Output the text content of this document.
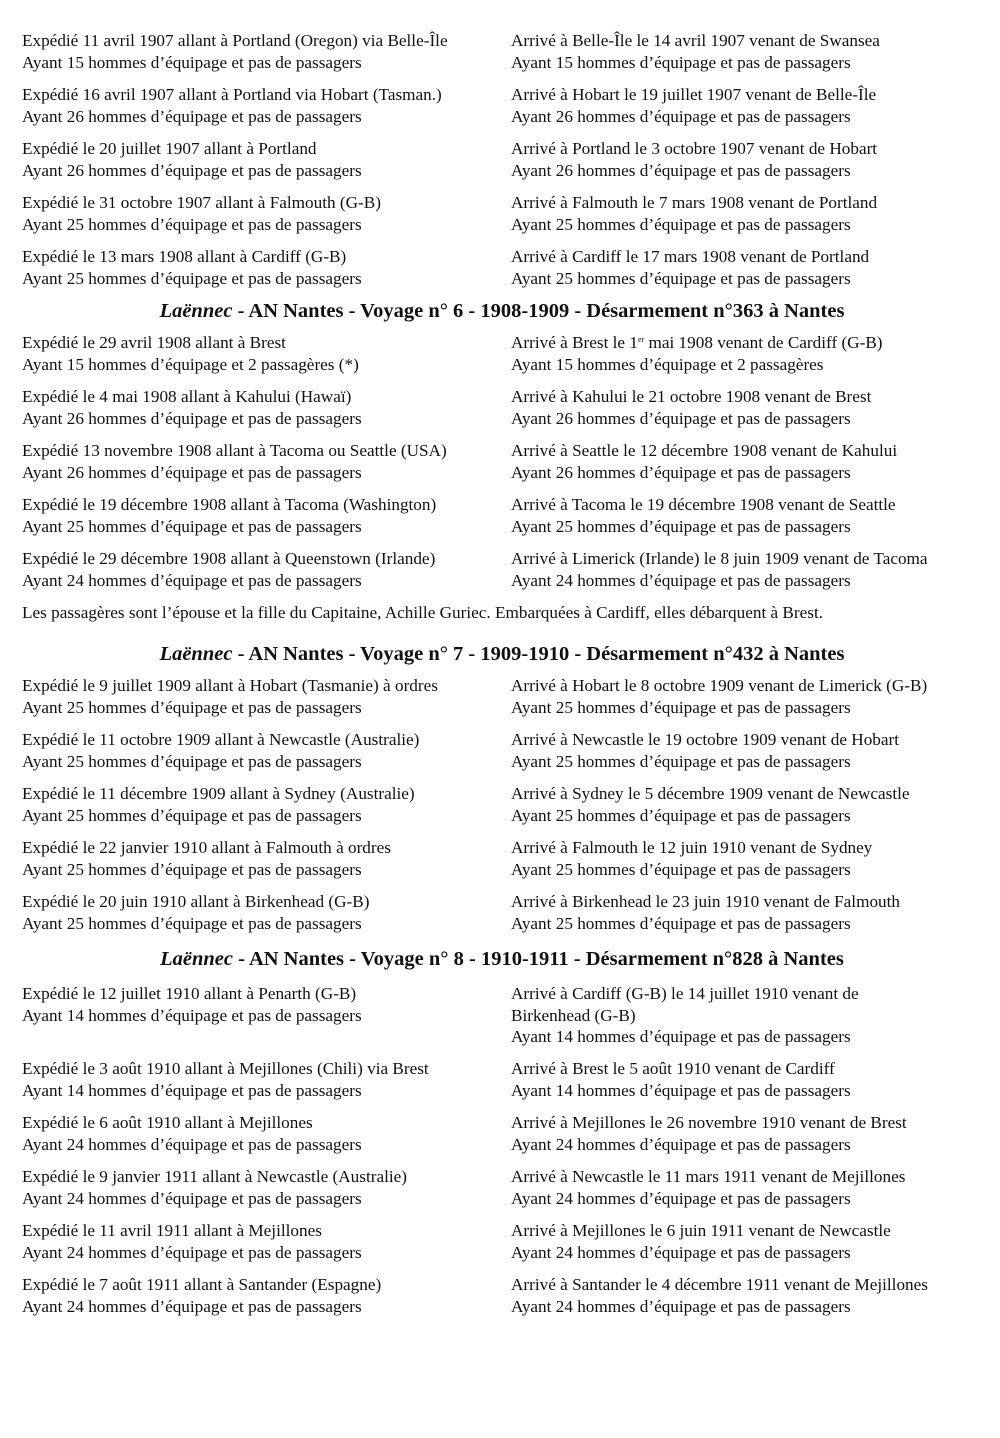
Expédié 11 avril 1907 allant à Portland (Oregon) via Belle-Île
Ayant 15 hommes d’équipage et pas de passagers
Arrivé à Belle-Île le 14 avril 1907 venant de Swansea
Ayant 15 hommes d’équipage et pas de passagers
Expédié 16 avril 1907 allant à Portland via Hobart (Tasman.)
Ayant 26 hommes d’équipage et pas de passagers
Arrivé à Hobart le 19 juillet 1907 venant de Belle-Île
Ayant 26 hommes d’équipage et pas de passagers
Expédié le 20 juillet 1907 allant à Portland
Ayant 26 hommes d’équipage et pas de passagers
Arrivé à Portland le 3 octobre 1907 venant de Hobart
Ayant 26 hommes d’équipage et pas de passagers
Expédié le 31 octobre 1907 allant à Falmouth (G-B)
Ayant 25 hommes d’équipage et pas de passagers
Arrivé à Falmouth le 7 mars 1908 venant de Portland
Ayant 25 hommes d’équipage et pas de passagers
Expédié le 13 mars 1908 allant à Cardiff (G-B)
Ayant 25 hommes d’équipage et pas de passagers
Arrivé à Cardiff le 17 mars 1908 venant de Portland
Ayant 25 hommes d’équipage et pas de passagers
Laënnec - AN Nantes - Voyage n° 6 - 1908-1909 - Désarmement n°363 à Nantes
Expédié le 29 avril 1908 allant à Brest
Ayant 15 hommes d’équipage et 2 passagères (*)
Arrivé à Brest le 1er mai 1908 venant de Cardiff (G-B)
Ayant 15 hommes d’équipage et 2 passagères
Expédié le 4 mai 1908 allant à Kahului (Hawaï)
Ayant 26 hommes d’équipage et pas de passagers
Arrivé à Kahului le 21 octobre 1908 venant de Brest
Ayant 26 hommes d’équipage et pas de passagers
Expédié 13 novembre 1908 allant à Tacoma ou Seattle (USA)
Ayant 26 hommes d’équipage et pas de passagers
Arrivé à Seattle le 12 décembre 1908 venant de Kahului
Ayant 26 hommes d’équipage et pas de passagers
Expédié le 19 décembre 1908 allant à Tacoma (Washington)
Ayant 25 hommes d’équipage et pas de passagers
Arrivé à Tacoma le 19 décembre 1908 venant de Seattle
Ayant 25 hommes d’équipage et pas de passagers
Expédié le 29 décembre 1908 allant à Queenstown (Irlande)
Ayant 24 hommes d’équipage et pas de passagers
Arrivé à Limerick (Irlande) le 8 juin 1909 venant de Tacoma
Ayant 24 hommes d’équipage et pas de passagers
Les passagères sont l’épouse et la fille du Capitaine, Achille Guriec. Embarquées à Cardiff, elles débarquent à Brest.
Laënnec - AN Nantes - Voyage n° 7 - 1909-1910 - Désarmement n°432 à Nantes
Expédié le 9 juillet 1909 allant à Hobart (Tasmanie) à ordres
Ayant 25 hommes d’équipage et pas de passagers
Arrivé à Hobart le 8 octobre 1909 venant de Limerick (G-B)
Ayant 25 hommes d’équipage et pas de passagers
Expédié le 11 octobre 1909 allant à Newcastle (Australie)
Ayant 25 hommes d’équipage et pas de passagers
Arrivé à Newcastle le 19 octobre 1909 venant de Hobart
Ayant 25 hommes d’équipage et pas de passagers
Expédié le 11 décembre 1909 allant à Sydney (Australie)
Ayant 25 hommes d’équipage et pas de passagers
Arrivé à Sydney le 5 décembre 1909 venant de Newcastle
Ayant 25 hommes d’équipage et pas de passagers
Expédié le 22 janvier 1910 allant à Falmouth à ordres
Ayant 25 hommes d’équipage et pas de passagers
Arrivé à Falmouth le 12 juin 1910 venant de Sydney
Ayant 25 hommes d’équipage et pas de passagers
Expédié le 20 juin 1910 allant à Birkenhead (G-B)
Ayant 25 hommes d’équipage et pas de passagers
Arrivé à Birkenhead le 23 juin 1910 venant de Falmouth
Ayant 25 hommes d’équipage et pas de passagers
Laënnec - AN Nantes - Voyage n° 8 - 1910-1911 - Désarmement n°828 à Nantes
Expédié le 12 juillet 1910 allant à Penarth (G-B)
Ayant 14 hommes d’équipage et pas de passagers
Arrivé à Cardiff (G-B) le 14 juillet 1910 venant de
Birkenhead (G-B)
Ayant 14 hommes d’équipage et pas de passagers
Expédié le 3 août 1910 allant à Mejillones (Chili) via Brest
Ayant 14 hommes d’équipage et pas de passagers
Arrivé à Brest le 5 août 1910 venant de Cardiff
Ayant 14 hommes d’équipage et pas de passagers
Expédié le 6 août 1910 allant à Mejillones
Ayant 24 hommes d’équipage et pas de passagers
Arrivé à Mejillones le 26 novembre 1910 venant de Brest
Ayant 24 hommes d’équipage et pas de passagers
Expédié le 9 janvier 1911 allant à Newcastle (Australie)
Ayant 24 hommes d’équipage et pas de passagers
Arrivé à Newcastle le 11 mars 1911 venant de Mejillones
Ayant 24 hommes d’équipage et pas de passagers
Expédié le 11 avril 1911 allant à Mejillones
Ayant 24 hommes d’équipage et pas de passagers
Arrivé à Mejillones le 6 juin 1911 venant de Newcastle
Ayant 24 hommes d’équipage et pas de passagers
Expédié le 7 août 1911 allant à Santander (Espagne)
Ayant 24 hommes d’équipage et pas de passagers
Arrivé à Santander le 4 décembre 1911 venant de Mejillones
Ayant 24 hommes d’équipage et pas de passagers
